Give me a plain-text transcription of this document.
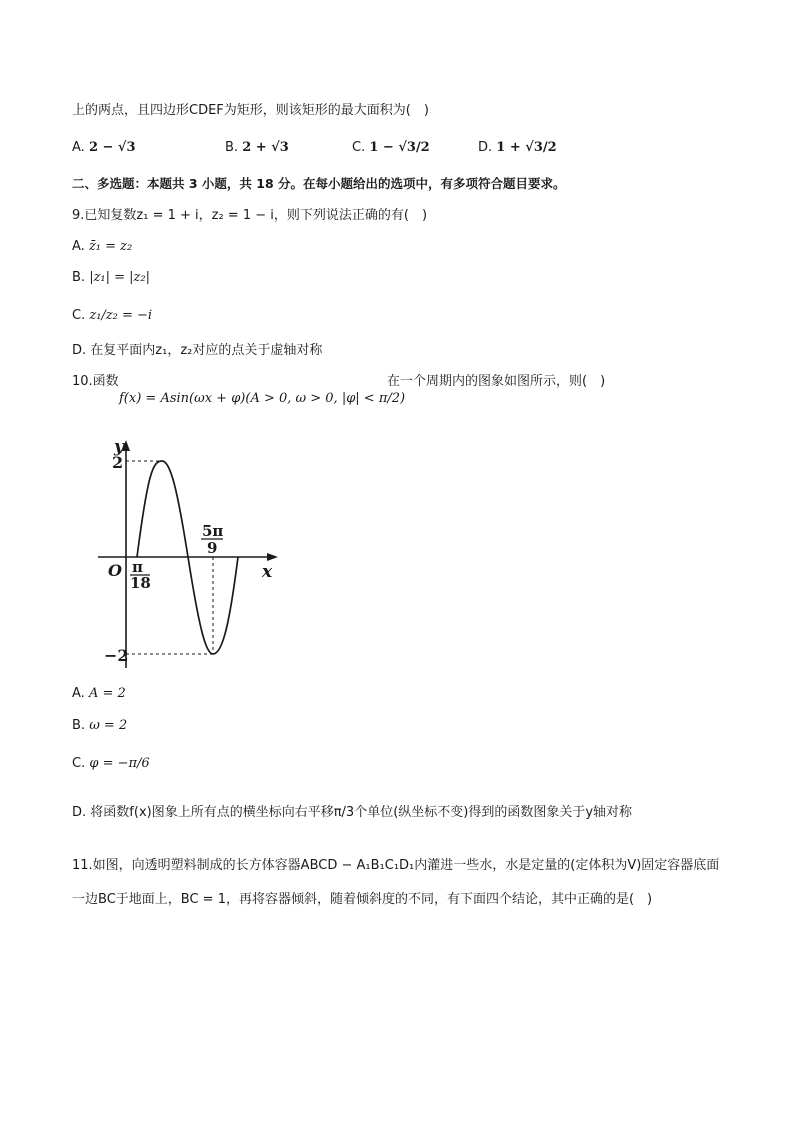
上的两点，且四边形CDEF为矩形，则该矩形的最大面积为(　)
A. 2 − √3	B. 2 + √3	C. 1 − √3/2	D. 1 + √3/2
二、多选题：本题共 3 小题，共 18 分。在每小题给出的选项中，有多项符合题目要求。
9.已知复数z₁ = 1 + i，z₂ = 1 − i，则下列说法正确的有(　)
A. z̄₁ = z₂
B. |z₁| = |z₂|
C. z₁/z₂ = −i
D. 在复平面内z₁，z₂对应的点关于虚轴对称
10.函数
f(x) = Asin(ωx + φ)(A > 0, ω > 0, |φ| < π/2)
在一个周期内的图象如图所示，则(　)
y
x
O
2
−2
π
18
5π
9
A. A = 2
B. ω = 2
C. φ = −π/6
D. 将函数f(x)图象上所有点的横坐标向右平移π/3个单位(纵坐标不变)得到的函数图象关于y轴对称
11.如图，向透明塑料制成的长方体容器ABCD − A₁B₁C₁D₁内灌进一些水，水是定量的(定体积为V)固定容器底面一边BC于地面上，BC = 1，再将容器倾斜，随着倾斜度的不同，有下面四个结论，其中正确的是(　)
